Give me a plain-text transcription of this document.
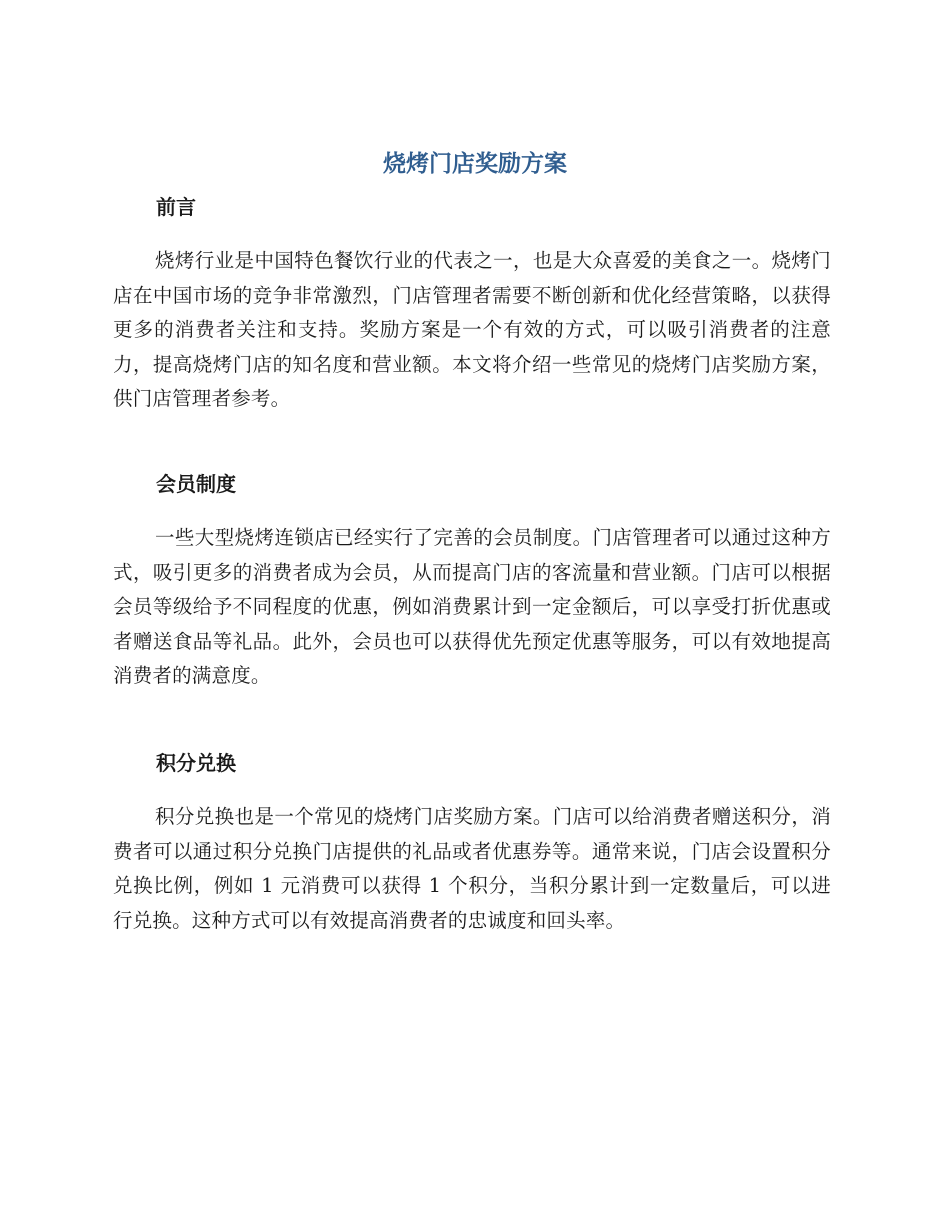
烧烤门店奖励方案
前言

烧烤行业是中国特色餐饮行业的代表之一，也是大众喜爱的美食之一。烧烤门店在中国市场的竞争非常激烈，门店管理者需要不断创新和优化经营策略，以获得更多的消费者关注和支持。奖励方案是一个有效的方式，可以吸引消费者的注意力，提高烧烤门店的知名度和营业额。本文将介绍一些常见的烧烤门店奖励方案，供门店管理者参考。

会员制度

一些大型烧烤连锁店已经实行了完善的会员制度。门店管理者可以通过这种方式，吸引更多的消费者成为会员，从而提高门店的客流量和营业额。门店可以根据会员等级给予不同程度的优惠，例如消费累计到一定金额后，可以享受打折优惠或者赠送食品等礼品。此外，会员也可以获得优先预定优惠等服务，可以有效地提高消费者的满意度。

积分兑换

积分兑换也是一个常见的烧烤门店奖励方案。门店可以给消费者赠送积分，消费者可以通过积分兑换门店提供的礼品或者优惠券等。通常来说，门店会设置积分兑换比例，例如 1 元消费可以获得 1 个积分，当积分累计到一定数量后，可以进行兑换。这种方式可以有效提高消费者的忠诚度和回头率。
